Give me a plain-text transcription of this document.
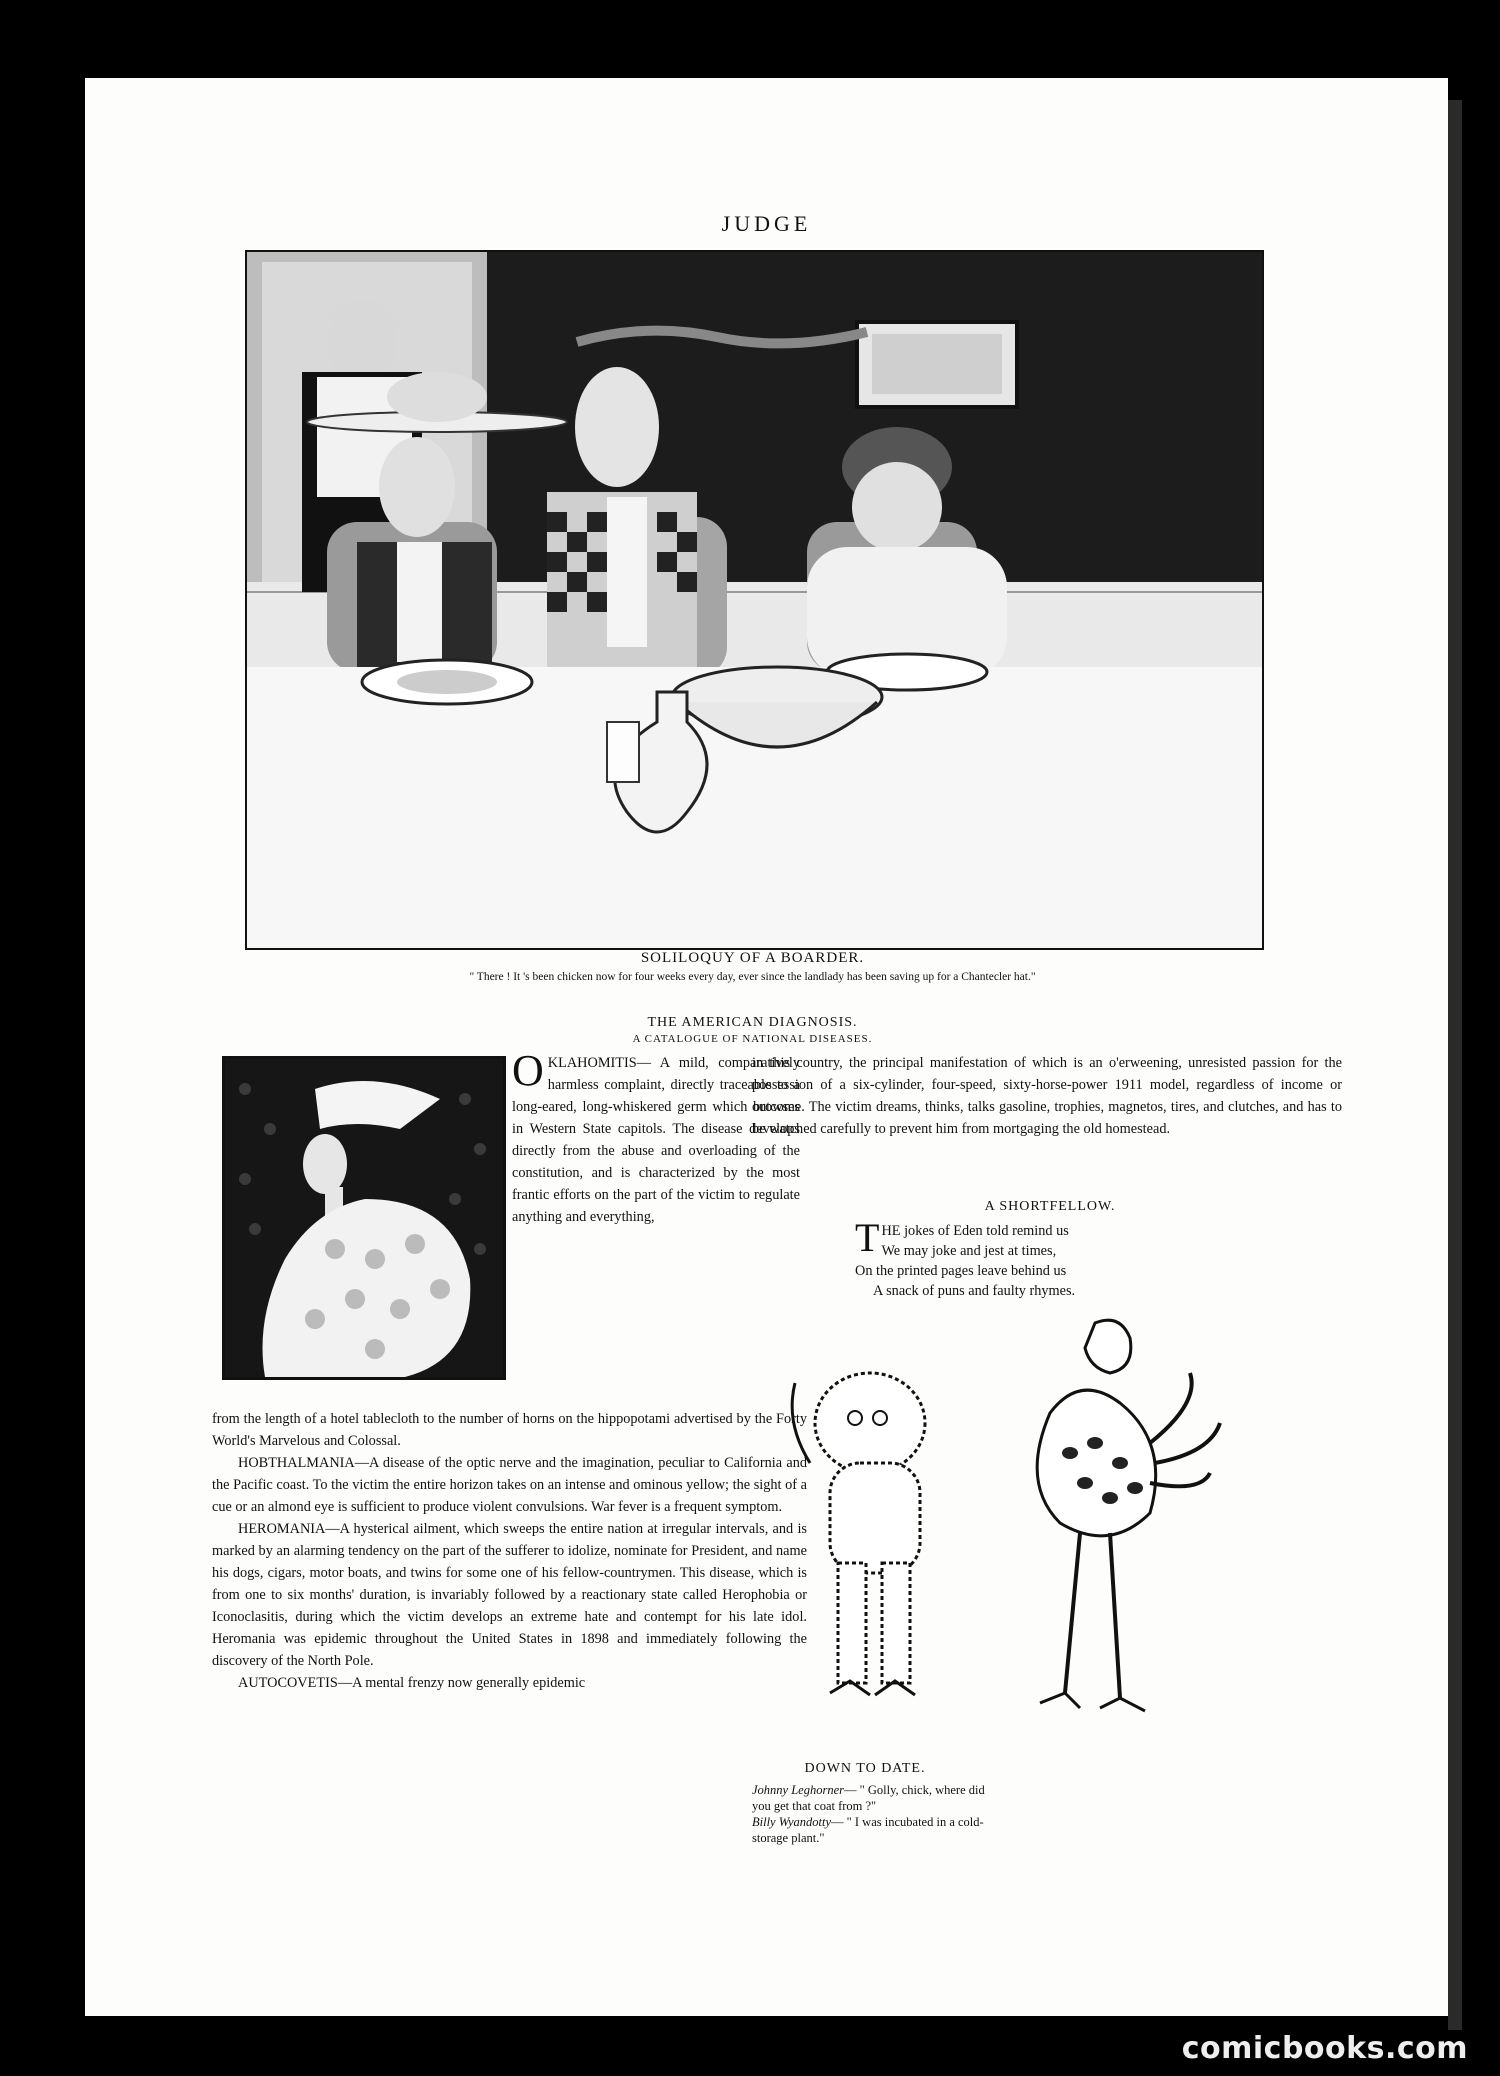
JUDGE
SOLILOQUY OF A BOARDER.
" There ! It 's been chicken now for four weeks every day, ever since the landlady has been saving up for a Chantecler hat."
THE AMERICAN DIAGNOSIS.
A CATALOGUE OF NATIONAL DISEASES.

OKLAHOMITIS— A mild, comparatively harmless complaint, directly traceable to a long-eared, long-whiskered germ which browses in Western State capitols. The disease develops directly from the abuse and overloading of the constitution, and is characterized by the most frantic efforts on the part of the victim to regulate anything and everything,

from the length of a hotel tablecloth to the number of horns on the hippopotami advertised by the Forty World's Marvelous and Colossal.

HOBTHALMANIA—A disease of the optic nerve and the imagination, peculiar to California and the Pacific coast. To the victim the entire horizon takes on an intense and ominous yellow; the sight of a cue or an almond eye is sufficient to produce violent convulsions. War fever is a frequent symptom.

HEROMANIA—A hysterical ailment, which sweeps the entire nation at irregular intervals, and is marked by an alarming tendency on the part of the sufferer to idolize, nominate for President, and name his dogs, cigars, motor boats, and twins for some one of his fellow-countrymen. This disease, which is from one to six months' duration, is invariably followed by a reactionary state called Herophobia or Iconoclasitis, during which the victim develops an extreme hate and contempt for his late idol. Heromania was epidemic throughout the United States in 1898 and immediately following the discovery of the North Pole.

AUTOCOVETIS—A mental frenzy now generally epidemic

in this country, the principal manifestation of which is an o'erweening, unresisted passion for the possession of a six-cylinder, four-speed, sixty-horse-power 1911 model, regardless of income or outcome. The victim dreams, thinks, talks gasoline, trophies, magnetos, tires, and clutches, and has to be watched carefully to prevent him from mortgaging the old homestead.

A SHORTFELLOW.
THE jokes of Eden told remind us
We may joke and jest at times,
On the printed pages leave behind us
A snack of puns and faulty rhymes.
DOWN TO DATE.
Johnny Leghorner— " Golly, chick, where did you get that coat from ?"
Billy Wyandotty— " I was incubated in a cold-storage plant."
comicbooks.com
